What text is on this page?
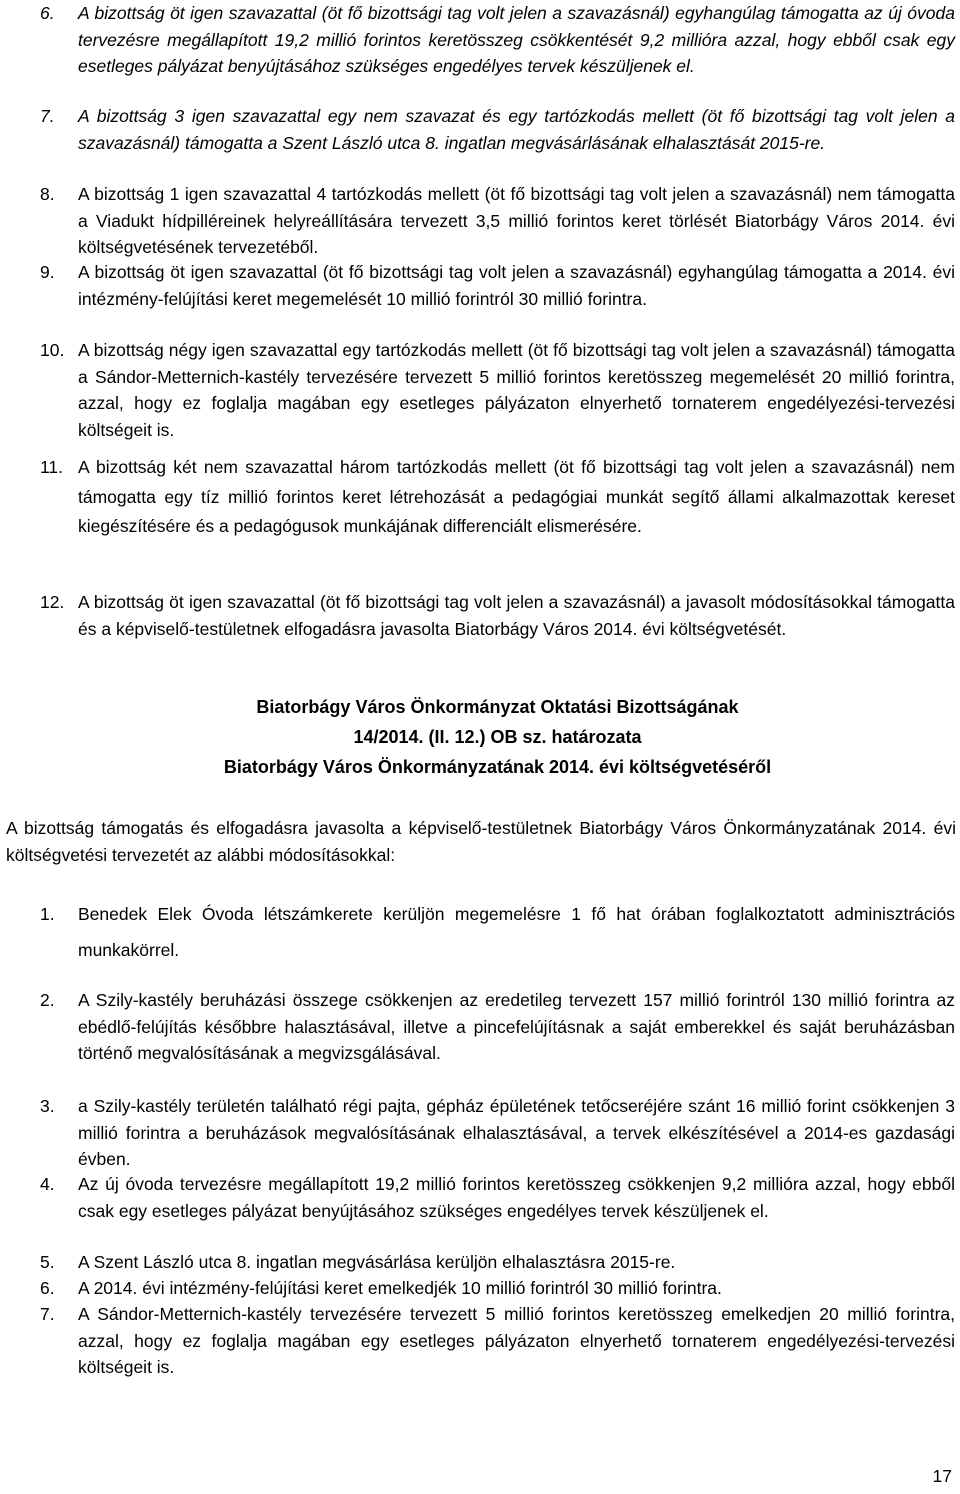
6.	A bizottság öt igen szavazattal (öt fő bizottsági tag volt jelen a szavazásnál) egyhangúlag támogatta az új óvoda tervezésre megállapított 19,2 millió forintos keretösszeg csökkentését 9,2 millióra azzal, hogy ebből csak egy esetleges pályázat benyújtásához szükséges engedélyes tervek készüljenek el.
7.	A bizottság 3 igen szavazattal egy nem szavazat és egy tartózkodás mellett (öt fő bizottsági tag volt jelen a szavazásnál) támogatta a Szent László utca 8. ingatlan megvásárlásának elhalasztását 2015-re.
8.	A bizottság 1 igen szavazattal 4 tartózkodás mellett (öt fő bizottsági tag volt jelen a szavazásnál) nem támogatta a Viadukt hídpilléreinek helyreállítására tervezett 3,5 millió forintos keret törlését Biatorbágy Város 2014. évi költségvetésének tervezetéből.
9.	A bizottság öt igen szavazattal (öt fő bizottsági tag volt jelen a szavazásnál) egyhangúlag támogatta a 2014. évi intézmény-felújítási keret megemelését 10 millió forintról 30 millió forintra.
10. A bizottság négy igen szavazattal egy tartózkodás mellett (öt fő bizottsági tag volt jelen a szavazásnál) támogatta a Sándor-Metternich-kastély tervezésére tervezett 5 millió forintos keretösszeg megemelését 20 millió forintra, azzal, hogy ez foglalja magában egy esetleges pályázaton elnyerhető tornaterem engedélyezési-tervezési költségeit is.
11. A bizottság két nem szavazattal három tartózkodás mellett (öt fő bizottsági tag volt jelen a szavazásnál) nem támogatta egy tíz millió forintos keret létrehozását a pedagógiai munkát segítő állami alkalmazottak kereset kiegészítésére és a pedagógusok munkájának differenciált elismerésére.
12. A bizottság öt igen szavazattal (öt fő bizottsági tag volt jelen a szavazásnál) a javasolt módosításokkal támogatta és a képviselő-testületnek elfogadásra javasolta Biatorbágy Város 2014. évi költségvetését.
Biatorbágy Város Önkormányzat Oktatási Bizottságának
14/2014. (II. 12.) OB sz. határozata
Biatorbágy Város Önkormányzatának 2014. évi költségvetéséről
A bizottság támogatás és elfogadásra javasolta a képviselő-testületnek Biatorbágy Város Önkormányzatának 2014. évi költségvetési tervezetét az alábbi módosításokkal:
1.	Benedek Elek Óvoda létszámkerete kerüljön megemelésre 1 fő hat órában foglalkoztatott adminisztrációs munkakörrel.
2.	A Szily-kastély beruházási összege csökkenjen az eredetileg tervezett 157 millió forintról 130 millió forintra az ebédlő-felújítás későbbre halasztásával, illetve a pincefelújításnak a saját emberekkel és saját beruházásban történő megvalósításának a megvizsgálásával.
3.	a Szily-kastély területén található régi pajta, gépház épületének tetőcseréjére szánt 16 millió forint csökkenjen 3 millió forintra a beruházások megvalósításának elhalasztásával, a tervek elkészítésével a 2014-es gazdasági évben.
4.	Az új óvoda tervezésre megállapított 19,2 millió forintos keretösszeg csökkenjen 9,2 millióra azzal, hogy ebből csak egy esetleges pályázat benyújtásához szükséges engedélyes tervek készüljenek el.
5.	A Szent László utca 8. ingatlan megvásárlása kerüljön elhalasztásra 2015-re.
6.	A 2014. évi intézmény-felújítási keret emelkedjék 10 millió forintról 30 millió forintra.
7.	A Sándor-Metternich-kastély tervezésére tervezett 5 millió forintos keretösszeg emelkedjen 20 millió forintra, azzal, hogy ez foglalja magában egy esetleges pályázaton elnyerhető tornaterem engedélyezési-tervezési költségeit is.
17
